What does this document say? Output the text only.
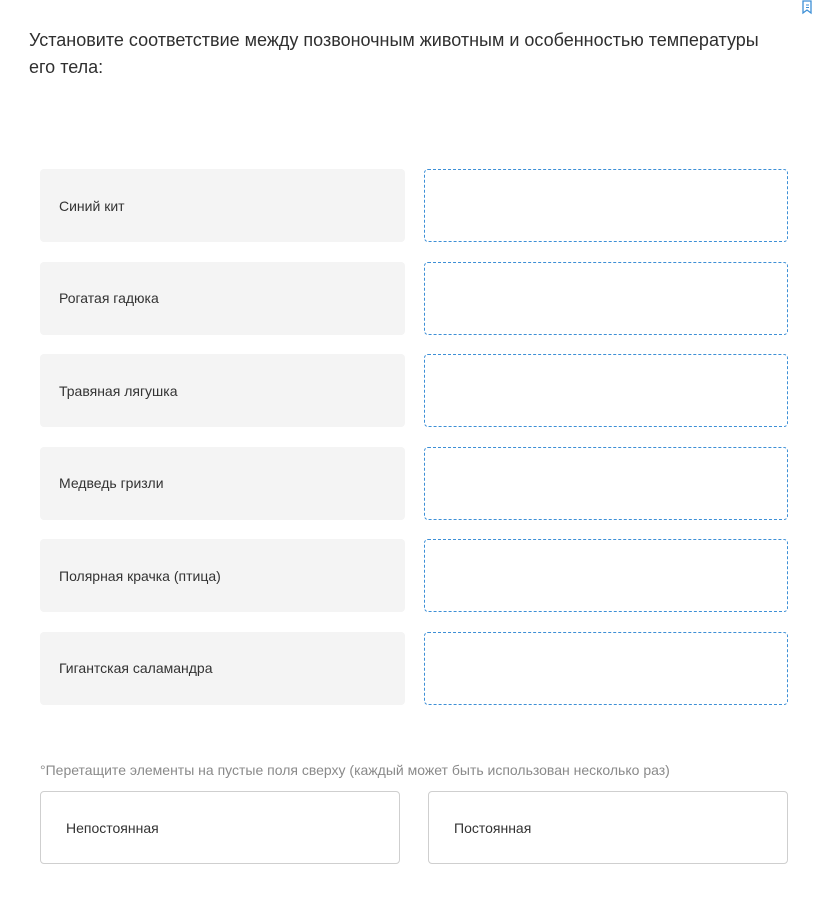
Установите соответствие между позвоночным животным и особенностью температуры его тела:
Синий кит
Рогатая гадюка
Травяная лягушка
Медведь гризли
Полярная крачка (птица)
Гигантская саламандра
°Перетащите элементы на пустые поля сверху (каждый может быть использован несколько раз)
Непостоянная	Постоянная
